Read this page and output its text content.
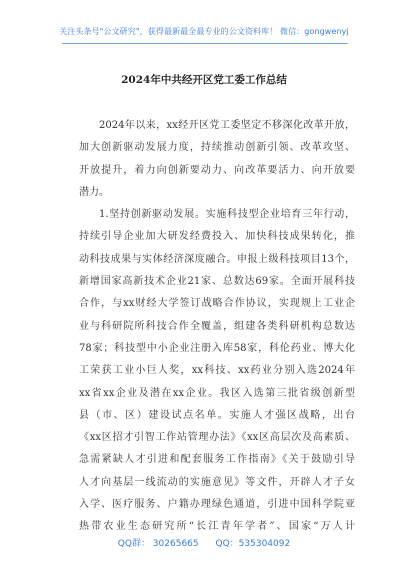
关注头条号"公文研究"，获得最新最全最专业的公文资料库！ 微信：gongwenyj
2024年中共经开区党工委工作总结
2024年以来，xx经开区党工委坚定不移深化改革开放，
加大创新驱动发展力度，持续推动创新引领、改革攻坚、
开放提升，着力向创新要动力、向改革要活力、向开放要
潜力。
1.坚持创新驱动发展。实施科技型企业培育三年行动，
持续引导企业加大研发经费投入、加快科技成果转化，推
动科技成果与实体经济深度融合。申报上级科技项目13个，
新增国家高新技术企业21家、总数达69家。全面开展科技
合作，与xx财经大学签订战略合作协议，实现规上工业企
业与科研院所科技合作全覆盖，组建各类科研机构总数达
78家；科技型中小企业注册入库58家，科伦药业、博大化
工荣获工业小巨人奖，xx科技、xx药业分别入选2024年
xx省xx企业及潜在xx企业。我区入选第三批省级创新型
县（市、区）建设试点名单。实施人才强区战略，出台
《xx区招才引智工作站管理办法》《xx区高层次及高素质、
急需紧缺人才引进和配套服务工作指南》《关于鼓励引导
人才向基层一线流动的实施意见》等文件，开辟人才子女
入学、医疗服务、户籍办理绿色通道，引进中国科学院亚
热带农业生态研究所“长江青年学者”、国家“万人计
QQ群： 30265665 QQ：535304092
